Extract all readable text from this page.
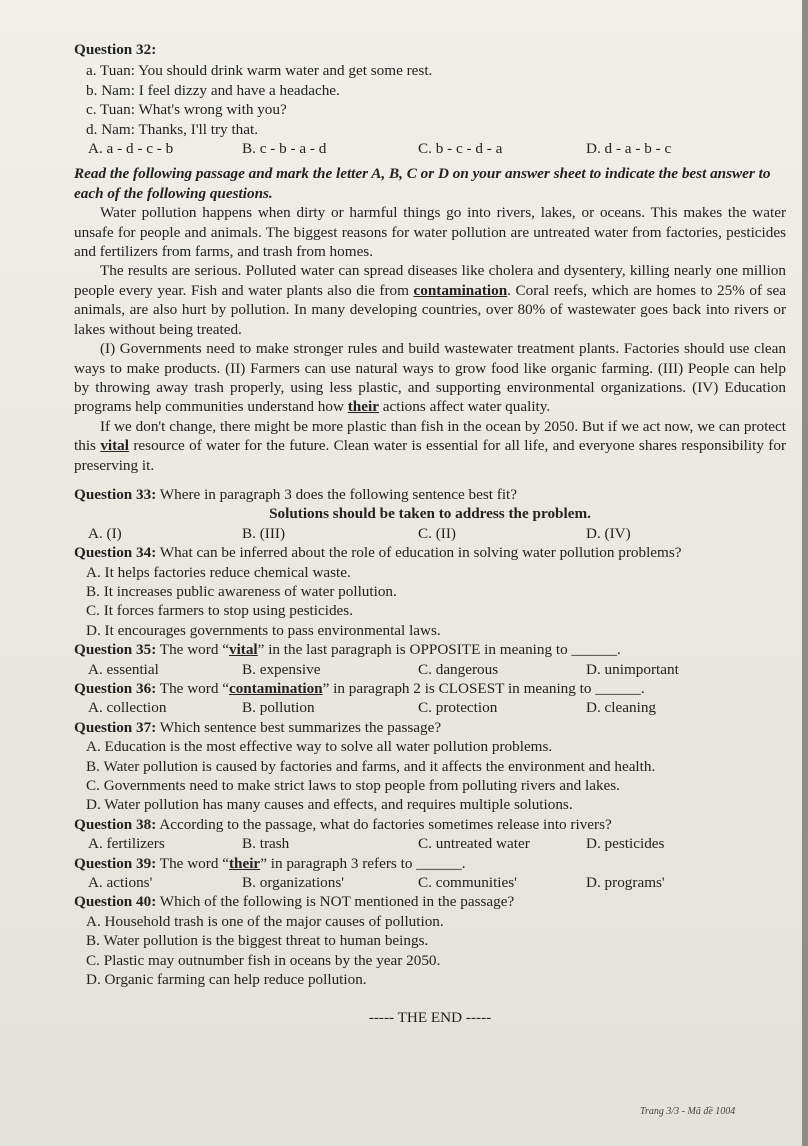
Question 32:
a. Tuan: You should drink warm water and get some rest.
b. Nam: I feel dizzy and have a headache.
c. Tuan: What's wrong with you?
d. Nam: Thanks, I'll try that.
A. a - d - c - b	B. c - b - a - d	C. b - c - d - a	D. d - a - b - c
Read the following passage and mark the letter A, B, C or D on your answer sheet to indicate the best answer to each of the following questions.
Water pollution happens when dirty or harmful things go into rivers, lakes, or oceans. This makes the water unsafe for people and animals. The biggest reasons for water pollution are untreated water from factories, pesticides and fertilizers from farms, and trash from homes.
The results are serious. Polluted water can spread diseases like cholera and dysentery, killing nearly one million people every year. Fish and water plants also die from contamination. Coral reefs, which are homes to 25% of sea animals, are also hurt by pollution. In many developing countries, over 80% of wastewater goes back into rivers or lakes without being treated.
(I) Governments need to make stronger rules and build wastewater treatment plants. Factories should use clean ways to make products. (II) Farmers can use natural ways to grow food like organic farming. (III) People can help by throwing away trash properly, using less plastic, and supporting environmental organizations. (IV) Education programs help communities understand how their actions affect water quality.
If we don't change, there might be more plastic than fish in the ocean by 2050. But if we act now, we can protect this vital resource of water for the future. Clean water is essential for all life, and everyone shares responsibility for preserving it.
Question 33: Where in paragraph 3 does the following sentence best fit?
Solutions should be taken to address the problem.
A. (I)	B. (III)	C. (II)	D. (IV)
Question 34: What can be inferred about the role of education in solving water pollution problems?
A. It helps factories reduce chemical waste.
B. It increases public awareness of water pollution.
C. It forces farmers to stop using pesticides.
D. It encourages governments to pass environmental laws.
Question 35: The word “vital” in the last paragraph is OPPOSITE in meaning to ______.
A. essential	B. expensive	C. dangerous	D. unimportant
Question 36: The word “contamination” in paragraph 2 is CLOSEST in meaning to ______.
A. collection	B. pollution	C. protection	D. cleaning
Question 37: Which sentence best summarizes the passage?
A. Education is the most effective way to solve all water pollution problems.
B. Water pollution is caused by factories and farms, and it affects the environment and health.
C. Governments need to make strict laws to stop people from polluting rivers and lakes.
D. Water pollution has many causes and effects, and requires multiple solutions.
Question 38: According to the passage, what do factories sometimes release into rivers?
A. fertilizers	B. trash	C. untreated water	D. pesticides
Question 39: The word “their” in paragraph 3 refers to ______.
A. actions'	B. organizations'	C. communities'	D. programs'
Question 40: Which of the following is NOT mentioned in the passage?
A. Household trash is one of the major causes of pollution.
B. Water pollution is the biggest threat to human beings.
C. Plastic may outnumber fish in oceans by the year 2050.
D. Organic farming can help reduce pollution.
----- THE END -----
Trang 3/3 - Mã đề 1004
